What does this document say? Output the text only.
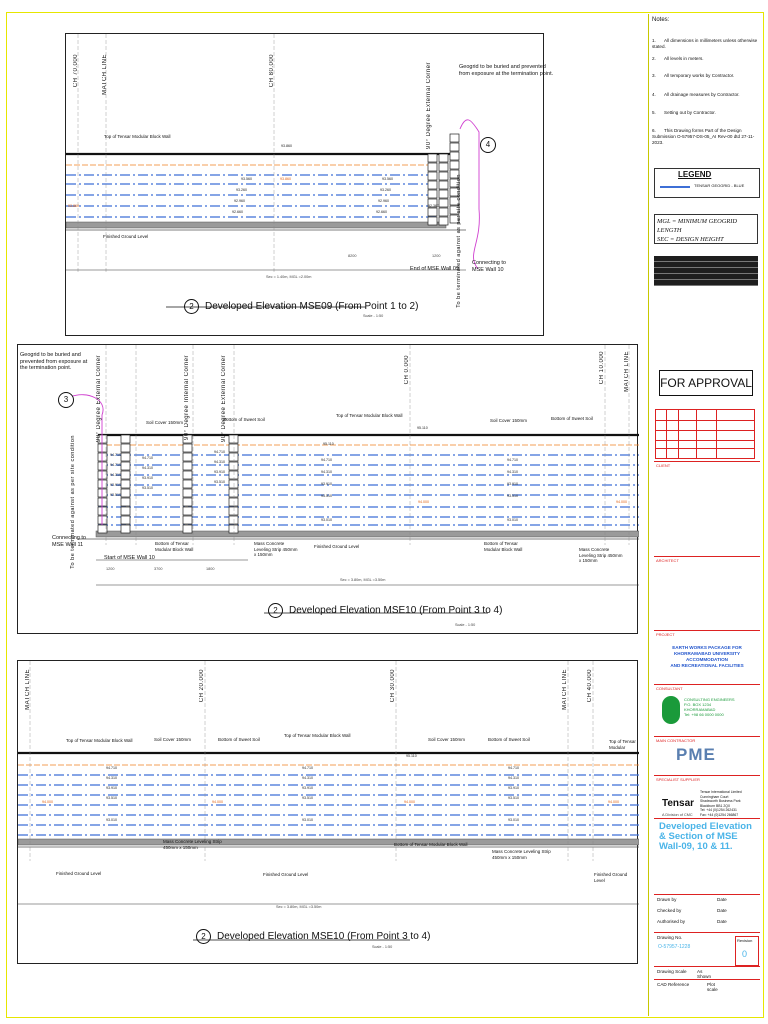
93.860
93.560
93.260
92.960
92.660
93.560
93.260
92.960
92.660
93.860
93.860
92.360
CH 70.000	MATCH LINE	CH 80.000	90° Degree External Corner
Top of Tensar Modular Block Wall
Finished Ground Level
Geogrid to be buried and prevented from exposure at the termination point.
4
To be terminated against as per site condition	Connecting to MSE Wall 10
End of MSE Wall 09
Sec = 1.40m, MGL =2.00m
8200	1200
2 Developed Elevation MSE09 (From Point 1 to 2)
Scale - 1:50
95.110
94.710
94.710
94.310
93.910
93.510
94.710
94.310
93.910
93.510
94.710
94.310
93.910
93.510
94.710
94.310
93.910
93.510
94.710
94.310
93.910
93.510
95.110
93.010
93.010
94.000	94.000
Geogrid to be buried and prevented from exposure at the termination point.
3	90° Degree External Corner	90° Degree Internal Corner	90° Degree External Corner	CH 0.000	CH 10.000	MATCH LINE
Soil Cover 150mm
Bottom of Sweet Soil
Top of Tensar Modular Block Wall
Soil Cover 150mm	Bottom of Sweet Soil
To be terminated against as per site condition
Connecting to MSE Wall 11
Start of MSE Wall 10
Bottom of Tensar Modular Block Wall
Mass Concrete Leveling Strip 450mm x 150mm
Finished Ground Level
Bottom of Tensar Modular Block Wall	Mass Concrete Leveling Strip 450mm x 150mm
1200	3700	1800
Sec = 3.80m, MGL =3.50m
2 Developed Elevation MSE10 (From Point 3 to 4)
Scale - 1:50
94.710
94.310
93.910
93.510
93.010
94.710
94.310
93.910
93.510
93.010
94.710
94.310
93.910
93.510
93.010
95.110
94.000	94.000	94.000	94.000
MATCH LINE	CH 20.000	CH 30.000	MATCH LINE	CH 40.000
Top of Tensar Modular Block Wall	Soil Cover 150mm	Bottom of Sweet Soil
Top of Tensar Modular Block Wall
Soil Cover 150mm	Bottom of Sweet Soil	Top of Tensar Modular
Finished Ground Level
Mass Concrete Leveling Strip 450mm x 150mm
Finished Ground Level
Bottom of Tensar Modular Block Wall
Mass Concrete Leveling Strip 450mm x 150mm
Finished Ground Level
Sec = 3.80m, MGL =3.50m
2 Developed Elevation MSE10 (From Point 3 to 4)
Scale - 1:50
Notes:
1. All dimensions in millimeters unless otherwise stated.
2. All levels in meters.
3. All temporary works by Contractor.
4. All drainage measures by Contractor.
5. Setting out by Contractor.
6. This Drawing forms Part of the Design Submission O-57957-DS-05_AI Rev-00 dtd 27-11-2023.
LEGEND
TENSAR GEOGRID - BLUE
MGL = MINIMUM GEOGRID LENGTH
SEC = DESIGN HEIGHT
FOR APPROVAL
CLIENT
ARCHITECT
PROJECT
EARTH WORKS PACKAGE FOR
KHORRAMABAD UNIVERSITY ACCOMMODATION
AND RECREATIONAL FACILITIES
CONSULTANT
CONSULTING ENGINEERS
P.O. BOX 1234
KHORRAMABAD
Tel: +98 66 0000 0000
MAIN CONTRACTOR
PME
SPECIALIST SUPPLIER
Tensar
A Division of CMC
Tensar International Limited
Cunningham Court
Shadsworth Business Park
Blackburn BB1 2QX
Tel: +44 (0)1254 262431
Fax: +44 (0)1254 266867
Developed Elevation & Section of MSE Wall-09, 10 & 11.
Drawn by	Date
Checked by	Date
Authorised by	Date
Drawing No.
O-57957-1228
Revision
0
Drawing Scale As Shown
CAD Reference	Plot scale
